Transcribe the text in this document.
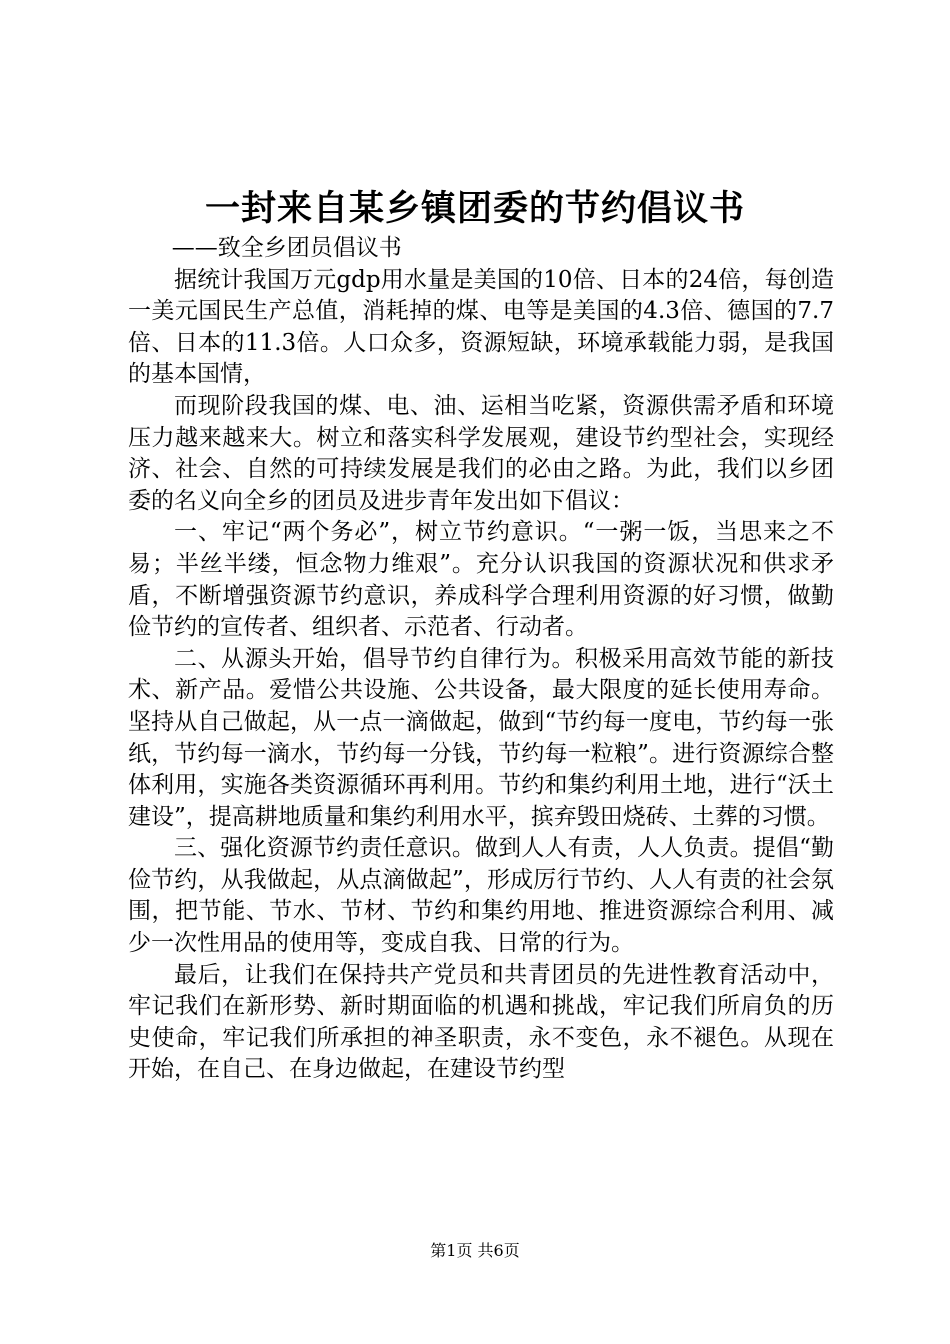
一封来自某乡镇团委的节约倡议书

——致全乡团员倡议书

据统计我国万元gdp用水量是美国的10倍、日本的24倍，每创造一美元国民生产总值，消耗掉的煤、电等是美国的4.3倍、德国的7.7倍、日本的11.3倍。人口众多，资源短缺，环境承载能力弱，是我国的基本国情，

而现阶段我国的煤、电、油、运相当吃紧，资源供需矛盾和环境压力越来越来大。树立和落实科学发展观，建设节约型社会，实现经济、社会、自然的可持续发展是我们的必由之路。为此，我们以乡团委的名义向全乡的团员及进步青年发出如下倡议：

一、牢记“两个务必”，树立节约意识。“一粥一饭，当思来之不易；半丝半缕，恒念物力维艰”。充分认识我国的资源状况和供求矛盾，不断增强资源节约意识，养成科学合理利用资源的好习惯，做勤俭节约的宣传者、组织者、示范者、行动者。

二、从源头开始，倡导节约自律行为。积极采用高效节能的新技术、新产品。爱惜公共设施、公共设备，最大限度的延长使用寿命。坚持从自己做起，从一点一滴做起，做到“节约每一度电，节约每一张纸，节约每一滴水，节约每一分钱，节约每一粒粮”。进行资源综合整体利用，实施各类资源循环再利用。节约和集约利用土地，进行“沃土建设”，提高耕地质量和集约利用水平，摈弃毁田烧砖、土葬的习惯。

三、强化资源节约责任意识。做到人人有责，人人负责。提倡“勤俭节约，从我做起，从点滴做起”，形成厉行节约、人人有责的社会氛围，把节能、节水、节材、节约和集约用地、推进资源综合利用、减少一次性用品的使用等，变成自我、日常的行为。

最后，让我们在保持共产党员和共青团员的先进性教育活动中，牢记我们在新形势、新时期面临的机遇和挑战，牢记我们所肩负的历史使命，牢记我们所承担的神圣职责，永不变色，永不褪色。从现在开始，在自己、在身边做起，在建设节约型

第1页 共6页
